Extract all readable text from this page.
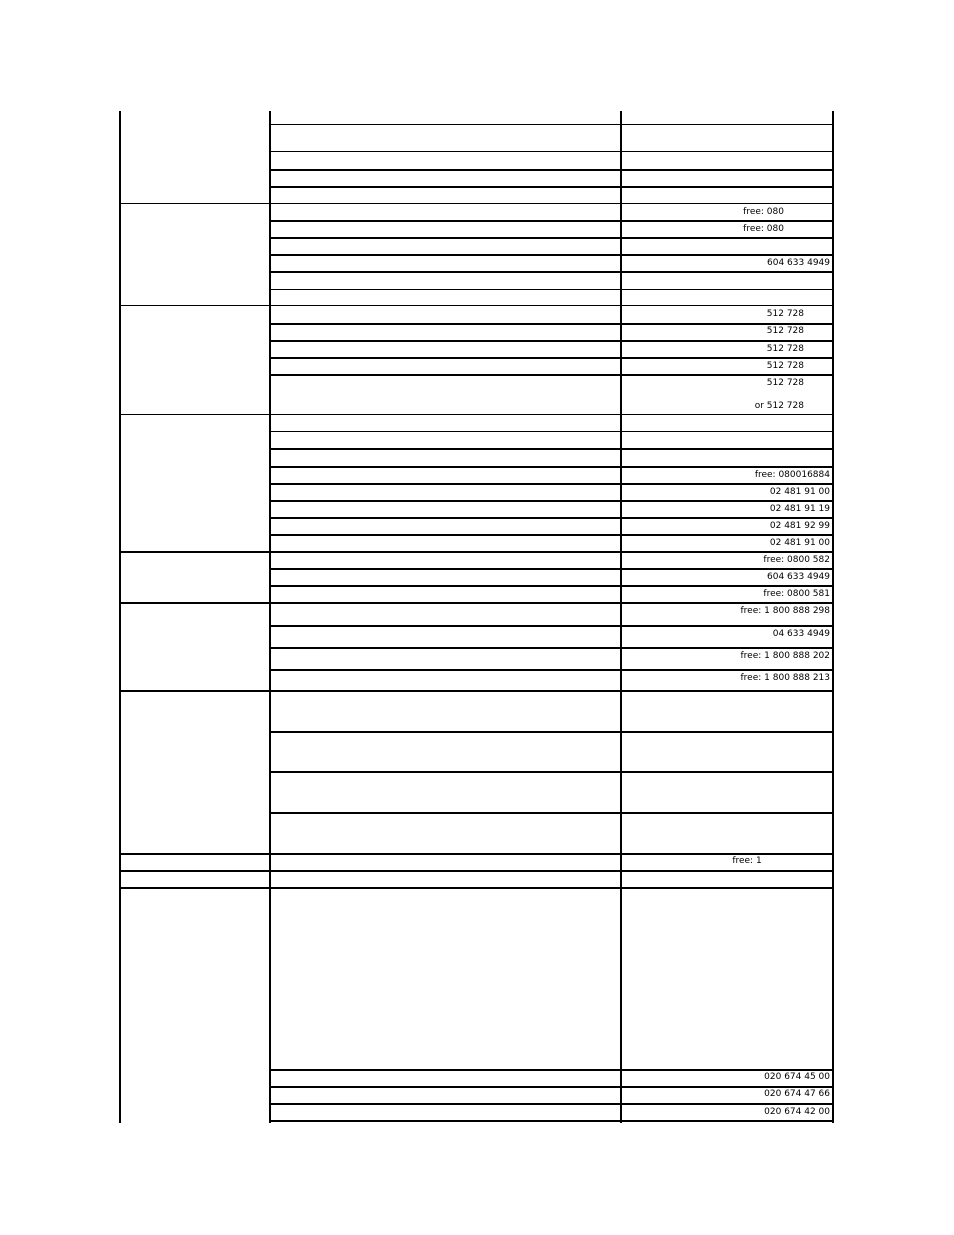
free: 080
free: 080
604 633 4949
512 728
512 728
512 728
512 728
512 728
or 512 728
free: 080016884
02 481 91 00
02 481 91 19
02 481 92 99
02 481 91 00
free: 0800 582
604 633 4949
free: 0800 581
free: 1 800 888 298
04 633 4949
free: 1 800 888 202
free: 1 800 888 213
free: 1
020 674 45 00
020 674 47 66
020 674 42 00
